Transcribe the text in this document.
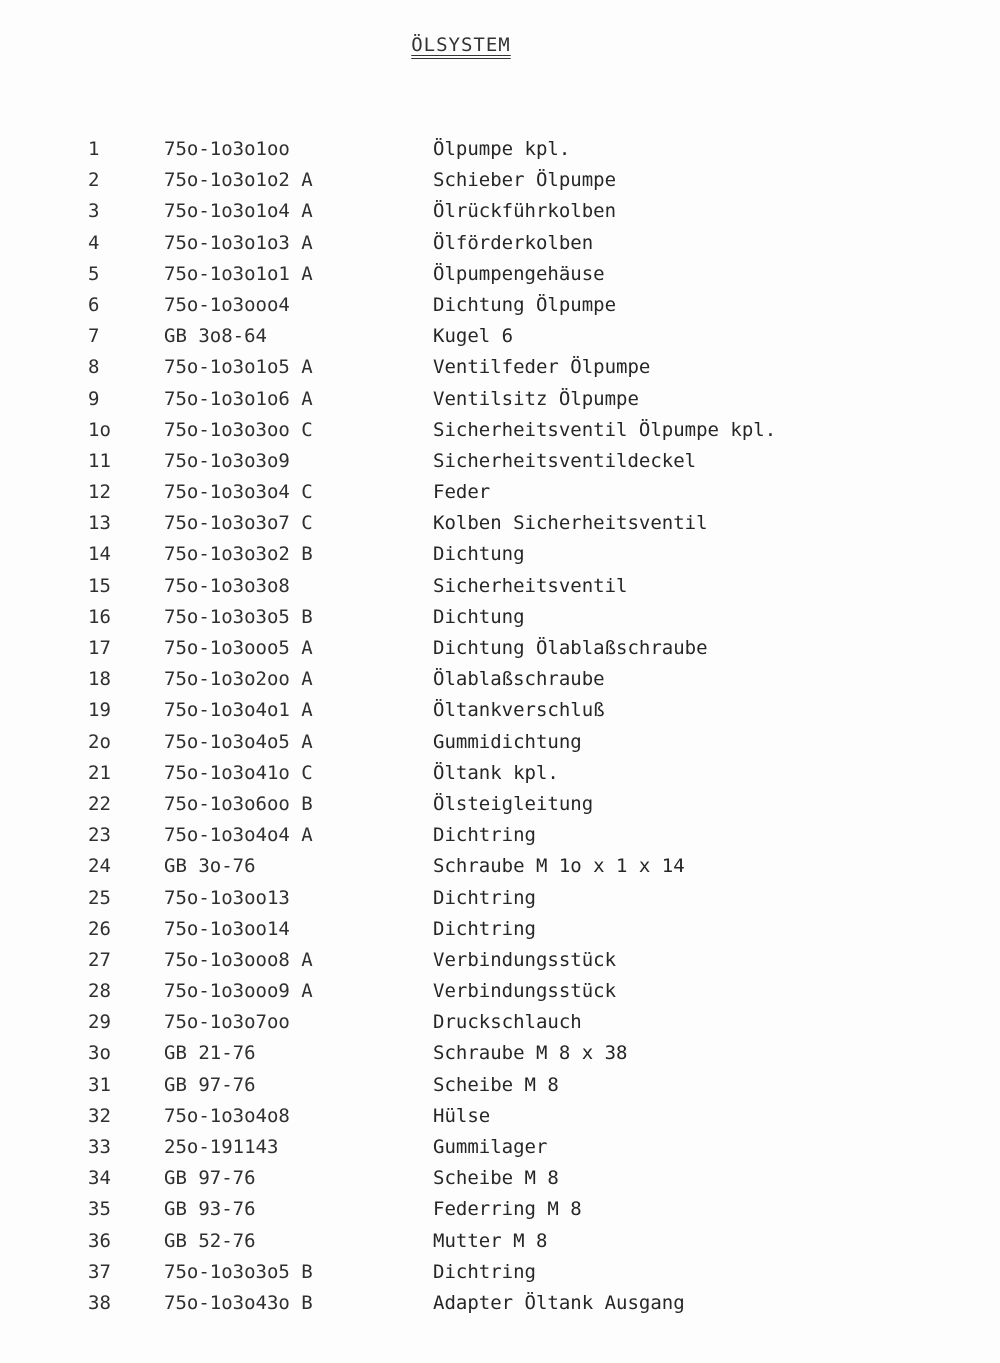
ÖLSYSTEM
1	75o-1o3o1oo	Ölpumpe kpl.
2	75o-1o3o1o2 A	Schieber Ölpumpe
3	75o-1o3o1o4 A	Ölrückführkolben
4	75o-1o3o1o3 A	Ölförderkolben
5	75o-1o3o1o1 A	Ölpumpengehäuse
6	75o-1o3ooo4	Dichtung Ölpumpe
7	GB 3o8-64	Kugel 6
8	75o-1o3o1o5 A	Ventilfeder Ölpumpe
9	75o-1o3o1o6 A	Ventilsitz Ölpumpe
1o	75o-1o3o3oo C	Sicherheitsventil Ölpumpe kpl.
11	75o-1o3o3o9	Sicherheitsventildeckel
12	75o-1o3o3o4 C	Feder
13	75o-1o3o3o7 C	Kolben Sicherheitsventil
14	75o-1o3o3o2 B	Dichtung
15	75o-1o3o3o8	Sicherheitsventil
16	75o-1o3o3o5 B	Dichtung
17	75o-1o3ooo5 A	Dichtung Ölablaßschraube
18	75o-1o3o2oo A	Ölablaßschraube
19	75o-1o3o4o1 A	Öltankverschluß
2o	75o-1o3o4o5 A	Gummidichtung
21	75o-1o3o41o C	Öltank kpl.
22	75o-1o3o6oo B	Ölsteigleitung
23	75o-1o3o4o4 A	Dichtring
24	GB 3o-76	Schraube M 1o x 1 x 14
25	75o-1o3oo13	Dichtring
26	75o-1o3oo14	Dichtring
27	75o-1o3ooo8 A	Verbindungsstück
28	75o-1o3ooo9 A	Verbindungsstück
29	75o-1o3o7oo	Druckschlauch
3o	GB 21-76	Schraube M 8 x 38
31	GB 97-76	Scheibe M 8
32	75o-1o3o4o8	Hülse
33	25o-191143	Gummilager
34	GB 97-76	Scheibe M 8
35	GB 93-76	Federring M 8
36	GB 52-76	Mutter M 8
37	75o-1o3o3o5 B	Dichtring
38	75o-1o3o43o B	Adapter Öltank Ausgang
